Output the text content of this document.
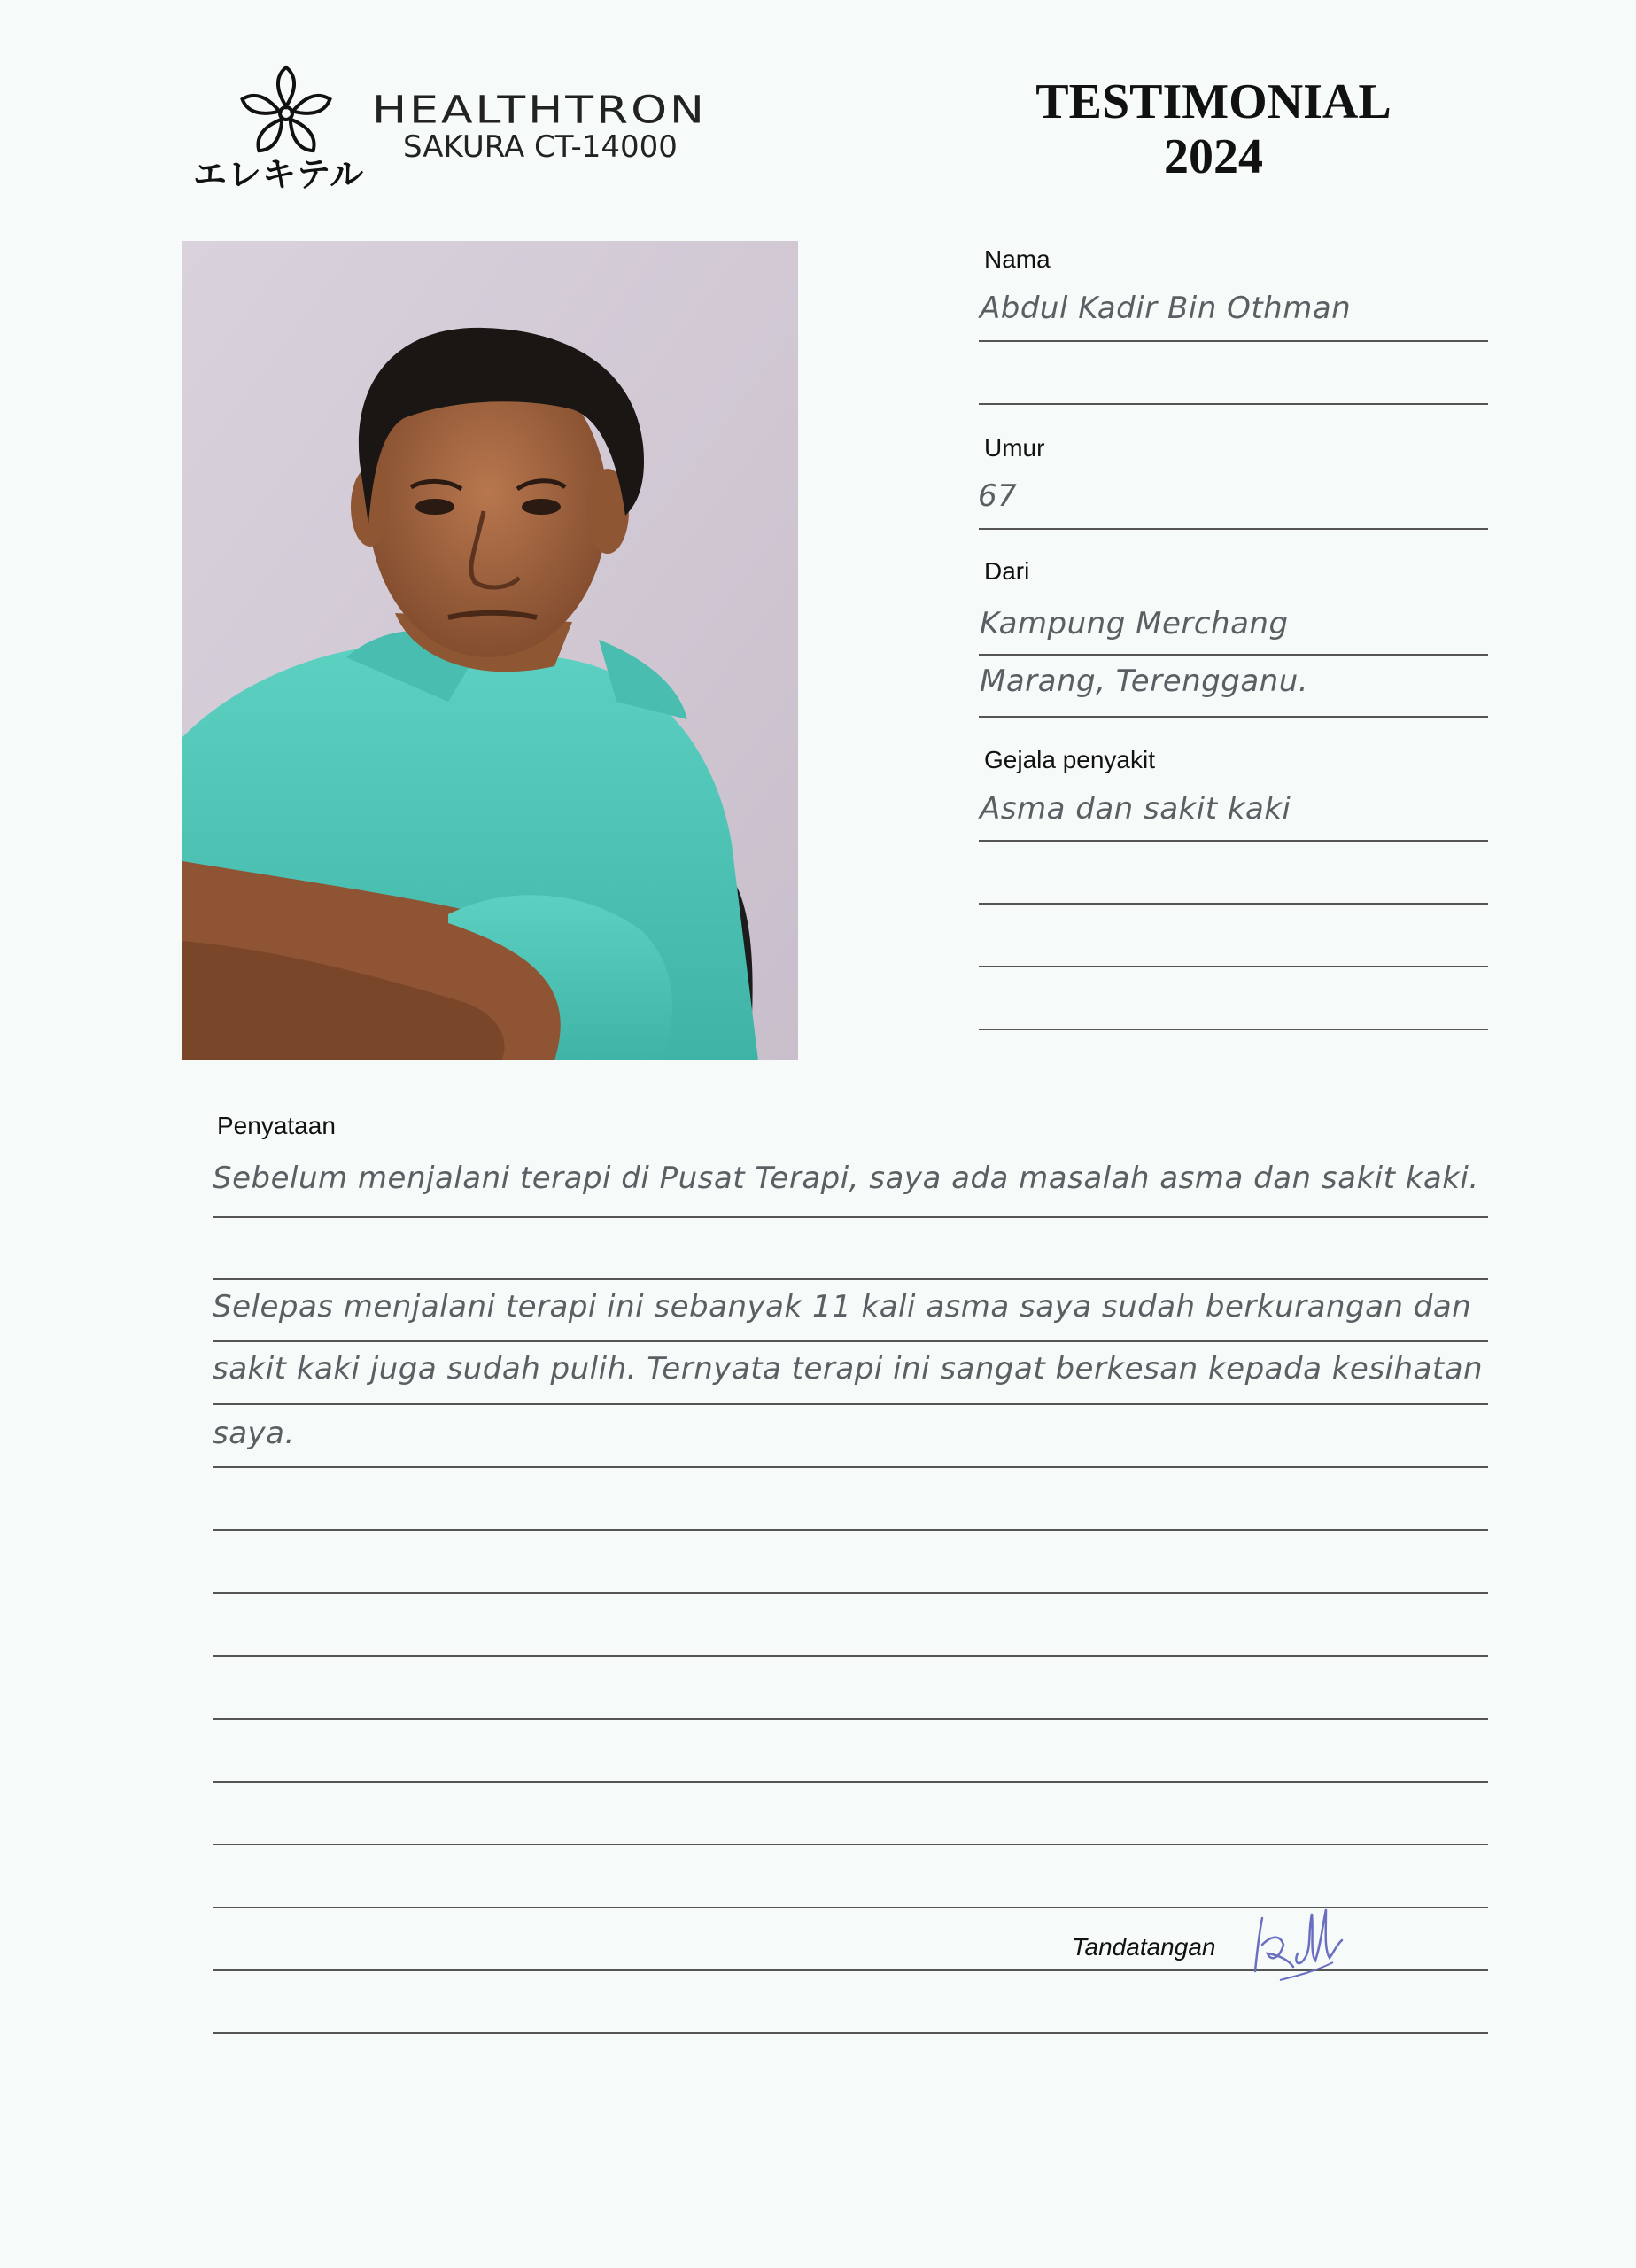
エレキテル
HEALTHTRON
SAKURA CT-14000
TESTIMONIAL
2024
Nama
Abdul Kadir Bin Othman
Umur
67
Dari
Kampung Merchang
Marang, Terengganu.
Gejala penyakit
Asma dan sakit kaki
Penyataan
Sebelum menjalani terapi di Pusat Terapi, saya ada masalah asma dan sakit kaki.
Selepas menjalani terapi ini sebanyak 11 kali asma saya sudah berkurangan dan
sakit kaki juga sudah pulih. Ternyata terapi ini sangat berkesan kepada kesihatan
saya.
Tandatangan
